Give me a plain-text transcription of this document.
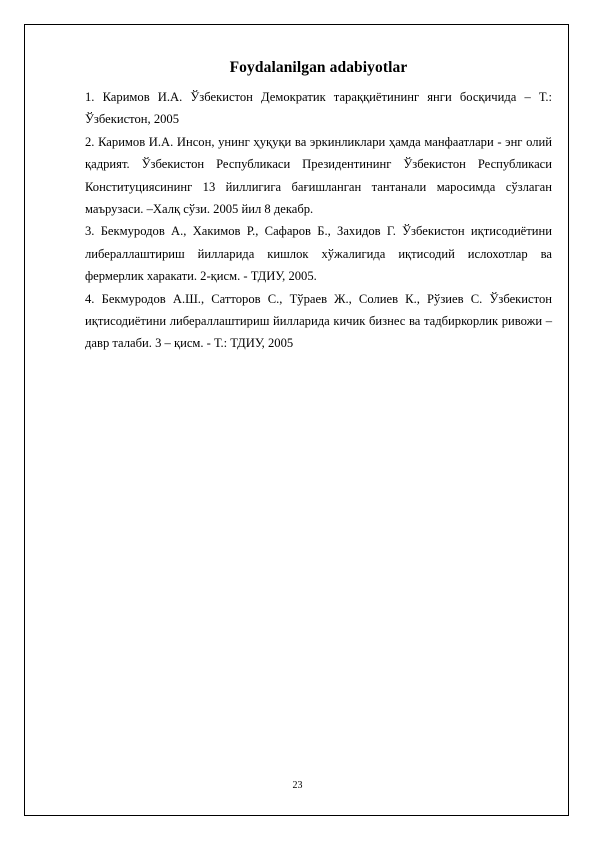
Foydalanilgan adabiyotlar

1. Каримов И.А. Ўзбекистон Демократик тараққиётининг янги босқичида – Т.: Ўзбекистон, 2005

2. Каримов И.А. Инсон, унинг ҳуқуқи ва эркинликлари ҳамда манфаатлари - энг олий қадрият. Ўзбекистон Республикаси Президентининг Ўзбекистон Республикаси Конституциясининг 13 йиллигига бағишланган тантанали маросимда сўзлаган маърузаси. –Халқ сўзи. 2005 йил 8 декабр.

3. Бекмуродов А., Хакимов Р., Сафаров Б., Захидов Г. Ўзбекистон иқтисодиётини либераллаштириш йилларида кишлок хўжалигида иқтисодий ислохотлар ва фермерлик харакати. 2-қисм. - ТДИУ, 2005.

4. Бекмуродов А.Ш., Сатторов С., Тўраев Ж., Солиев К., Рўзиев С. Ўзбекистон иқтисодиётини либераллаштириш йилларида кичик бизнес ва тадбиркорлик ривожи – давр талаби. 3 – қисм. - Т.: ТДИУ, 2005

23
